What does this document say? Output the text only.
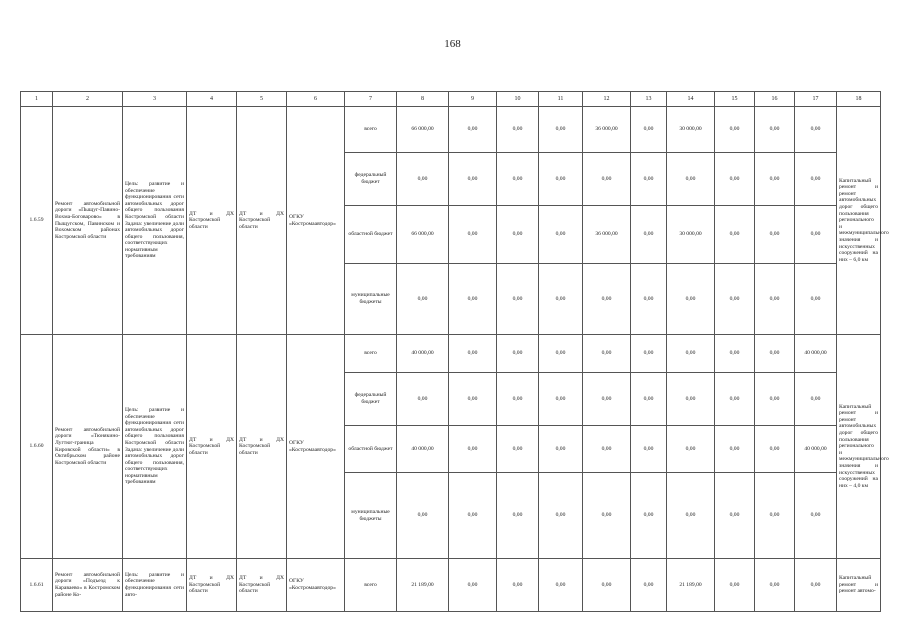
168
1	2	3	4	5	6	7	8	9	10	11	12	13	14	15	16	17	18
1.6.59	Ремонт автомобильной дороги «Пыщуг-Павино-Вохма-Боговарово» в Пыщугском, Павинском и Вохомском районах Костромской области	Цель: развитие и обеспечение функционирования сети автомобильных дорог общего пользования Костромской области Задача: увеличение доли автомобильных дорог общего пользования, соответствующих нормативным требованиям	ДТ и ДХ Костромской области	ДТ и ДХ Костромской области	ОГКУ «Костромаавтодор»	всего	66 000,00	0,00	0,00	0,00	36 000,00	0,00	30 000,00	0,00	0,00	0,00	Капитальный ремонт и ремонт автомобильных дорог общего пользования регионального и межмуниципального значения и искусственных сооружений на них – 6,0 км
						федеральный бюджет	0,00	0,00	0,00	0,00	0,00	0,00	0,00	0,00	0,00	0,00	
						областной бюджет	66 000,00	0,00	0,00	0,00	36 000,00	0,00	30 000,00	0,00	0,00	0,00	
						муниципальные бюджеты	0,00	0,00	0,00	0,00	0,00	0,00	0,00	0,00	0,00	0,00	
1.6.60	Ремонт автомобильной дороги «Тюнякино-Лугтюг-граница Кировской области» в Октябрьском районе Костромской области	Цель: развитие и обеспечение функционирования сети автомобильных дорог общего пользования Костромской области Задача: увеличение доли автомобильных дорог общего пользования, соответствующих нормативным требованиям	ДТ и ДХ Костромской области	ДТ и ДХ Костромской области	ОГКУ «Костромаавтодор»	всего	40 000,00	0,00	0,00	0,00	0,00	0,00	0,00	0,00	0,00	40 000,00	Капитальный ремонт и ремонт автомобильных дорог общего пользования регионального и межмуниципального значения и искусственных сооружений на них – 4,0 км
						федеральный бюджет	0,00	0,00	0,00	0,00	0,00	0,00	0,00	0,00	0,00	0,00	
						областной бюджет	40 000,00	0,00	0,00	0,00	0,00	0,00	0,00	0,00	0,00	40 000,00	
						муниципальные бюджеты	0,00	0,00	0,00	0,00	0,00	0,00	0,00	0,00	0,00	0,00	
1.6.61	Ремонт автомобильной дороги «Подъезд к Караваево» в Костромском районе Ко-	Цель: развитие и обеспечение функционирования сети авто-	ДТ и ДХ Костромской области	ДТ и ДХ Костромской области	ОГКУ «Костромаавтодор»	всего	21 189,00	0,00	0,00	0,00	0,00	0,00	21 189,00	0,00	0,00	0,00	Капитальный ремонт и ремонт автомо-
